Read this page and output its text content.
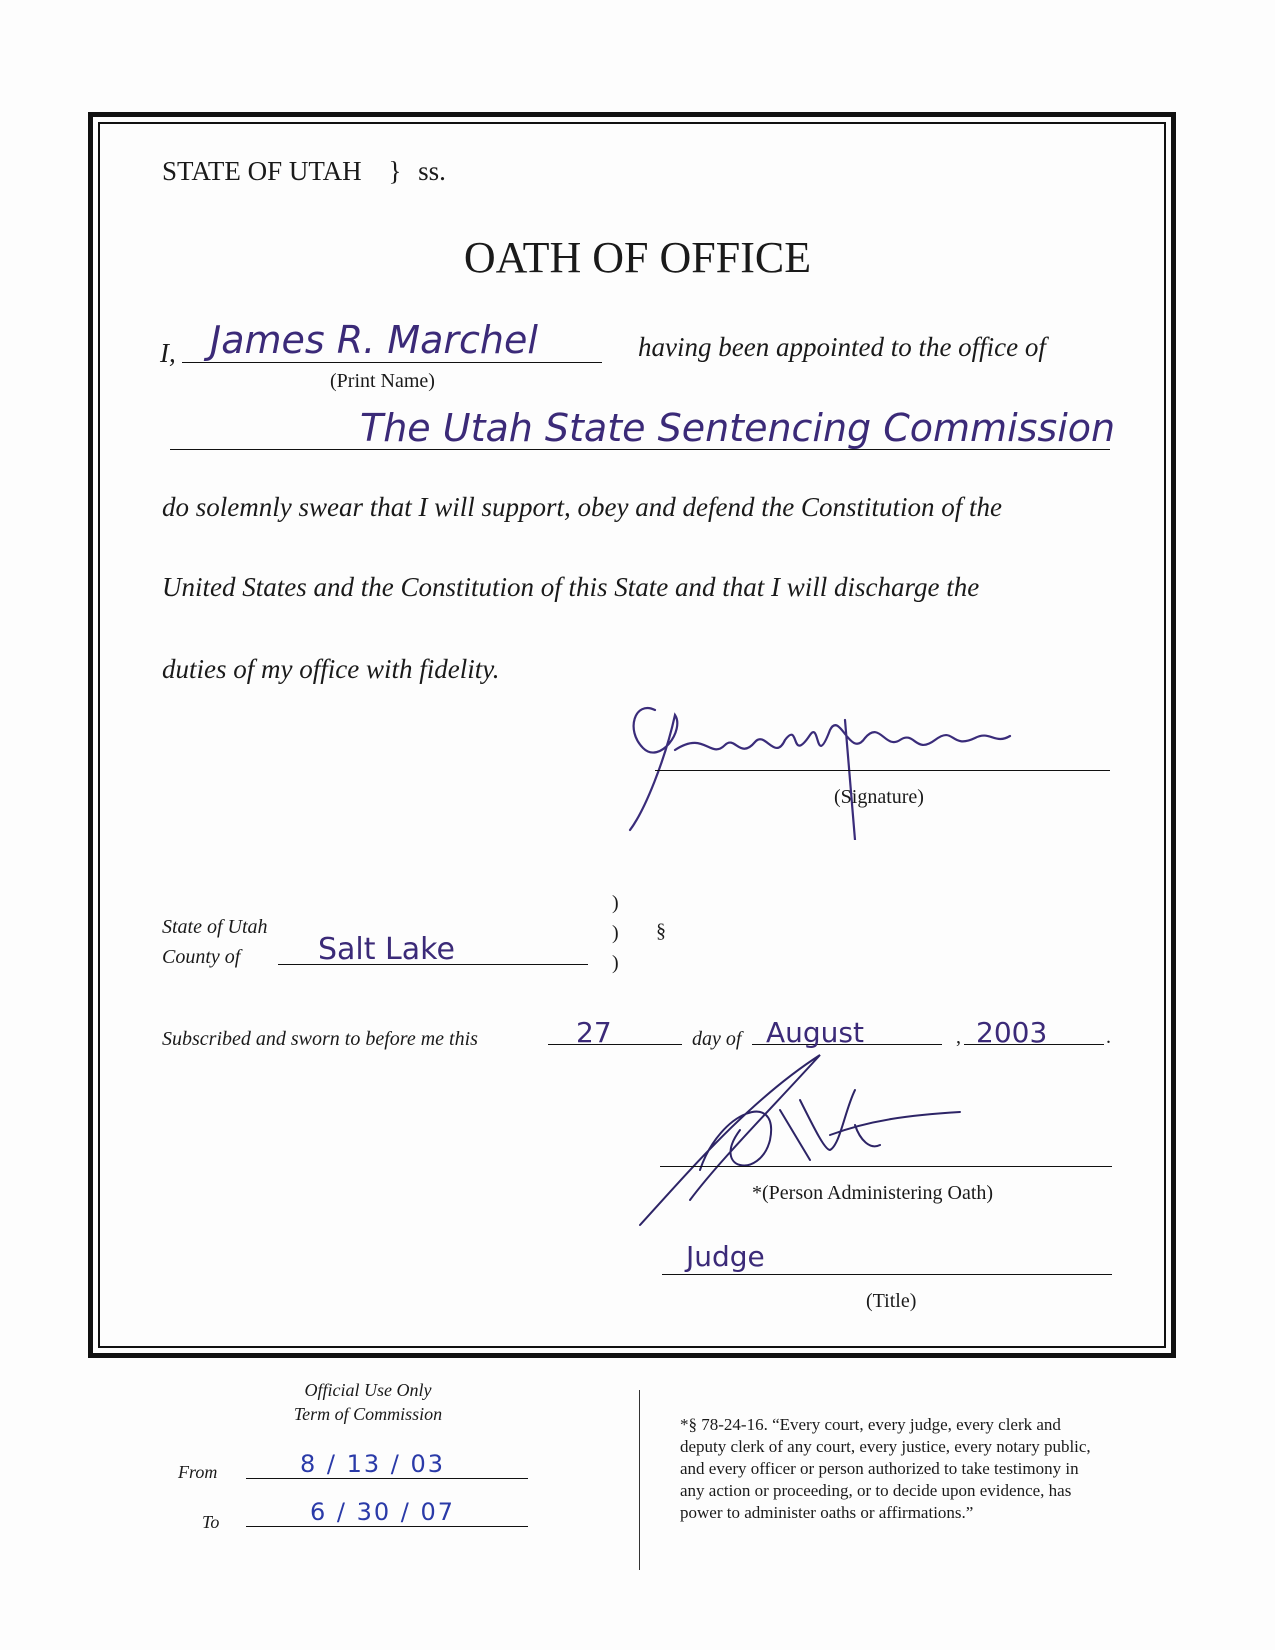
STATE OF UTAH } ss.
OATH OF OFFICE
I, James R. Marchel	having been appointed to the office of
(Print Name)
The Utah State Sentencing Commission
do solemnly swear that I will support, obey and defend the Constitution of the
United States and the Constitution of this State and that I will discharge the
duties of my office with fidelity.
(Signature)
State of Utah
County of	Salt Lake
)
)
)
§
Subscribed and sworn to before me this	27	day of August	, 2003	.
*(Person Administering Oath)
Judge
(Title)
Official Use Only
Term of Commission
From	8 / 13 / 03
To	6 / 30 / 07
*§ 78-24-16. “Every court, every judge, every clerk and
deputy clerk of any court, every justice, every notary public,
and every officer or person authorized to take testimony in
any action or proceeding, or to decide upon evidence, has
power to administer oaths or affirmations.”
